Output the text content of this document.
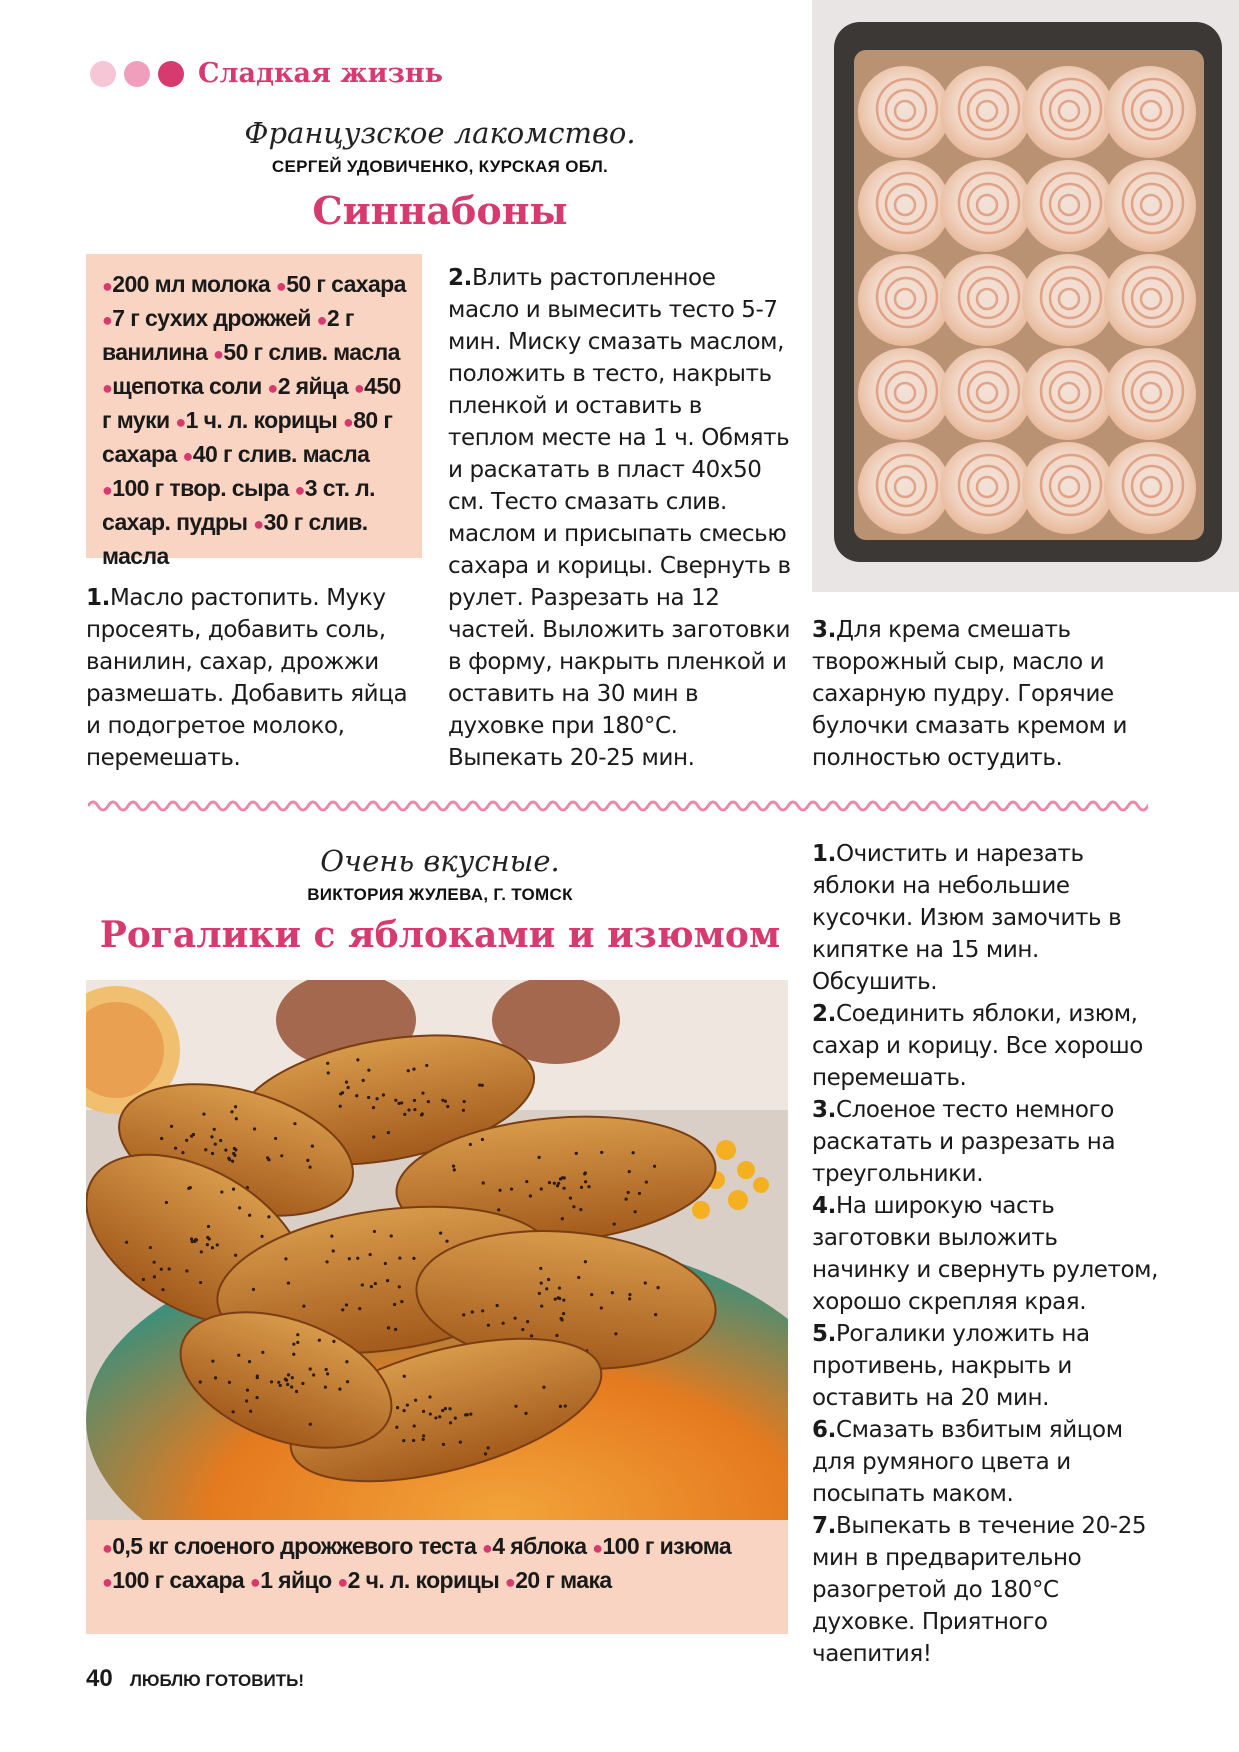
Сладкая жизнь
Французское лакомство.
СЕРГЕЙ УДОВИЧЕНКО, КУРСКАЯ ОБЛ.
Синнабоны
●200 мл молока ●50 г сахара ●7 г сухих дрожжей ●2 г ванилина ●50 г слив. масла ●щепотка соли ●2 яйца ●450 г муки ●1 ч. л. корицы ●80 г сахара ●40 г слив. масла ●100 г твор. сыра ●3 ст. л. сахар. пудры ●30 г слив. масла
1.Масло растопить. Муку просеять, добавить соль, ванилин, сахар, дрожжи размешать. Добавить яйца и подогретое молоко, перемешать.
2.Влить растопленное масло и вымесить тесто 5-7 мин. Миску смазать маслом, положить в тесто, накрыть пленкой и оставить в теплом месте на 1 ч. Обмять и раскатать в пласт 40х50 см. Тесто смазать слив. маслом и присыпать смесью сахара и корицы. Свернуть в рулет. Разрезать на 12 частей. Выложить заготовки в форму, накрыть пленкой и оставить на 30 мин в духовке при 180°С. Выпекать 20-25 мин.
3.Для крема смешать творожный сыр, масло и сахарную пудру. Горячие булочки смазать кремом и полностью остудить.
Очень вкусные.
ВИКТОРИЯ ЖУЛЕВА, Г. ТОМСК
Рогалики с яблоками и изюмом
●0,5 кг слоеного дрожжевого теста ●4 яблока ●100 г изюма ●100 г сахара ●1 яйцо ●2 ч. л. корицы ●20 г мака
1.Очистить и нарезать яблоки на небольшие кусочки. Изюм замочить в кипятке на 15 мин. Обсушить.
2.Соединить яблоки, изюм, сахар и корицу. Все хорошо перемешать.
3.Слоеное тесто немного раскатать и разрезать на треугольники.
4.На широкую часть заготовки выложить начинку и свернуть рулетом, хорошо скрепляя края.
5.Рогалики уложить на противень, накрыть и оставить на 20 мин.
6.Смазать взбитым яйцом для румяного цвета и посыпать маком.
7.Выпекать в течение 20-25 мин в предварительно разогретой до 180°С духовке. Приятного чаепития!
40 ЛЮБЛЮ ГОТОВИТЬ!
